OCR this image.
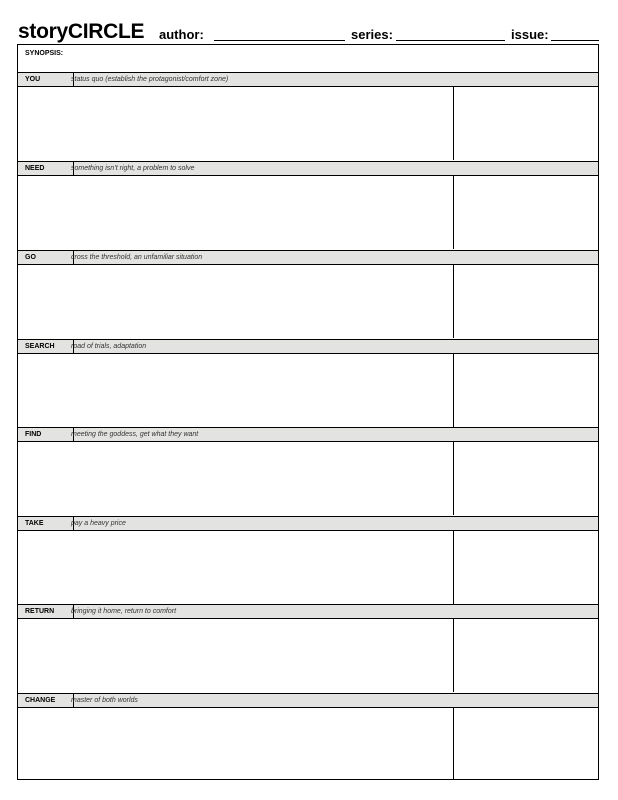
storyCIRCLE author:	series:	issue:
SYNOPSIS:
YOU	status quo (establish the protagonist/comfort zone)
NEED	something isn’t right, a problem to solve
GO	cross the threshold, an unfamiliar situation
SEARCH	road of trials, adaptation
FIND	meeting the goddess, get what they want
TAKE	pay a heavy price
RETURN	bringing it home, return to comfort
CHANGE	master of both worlds
